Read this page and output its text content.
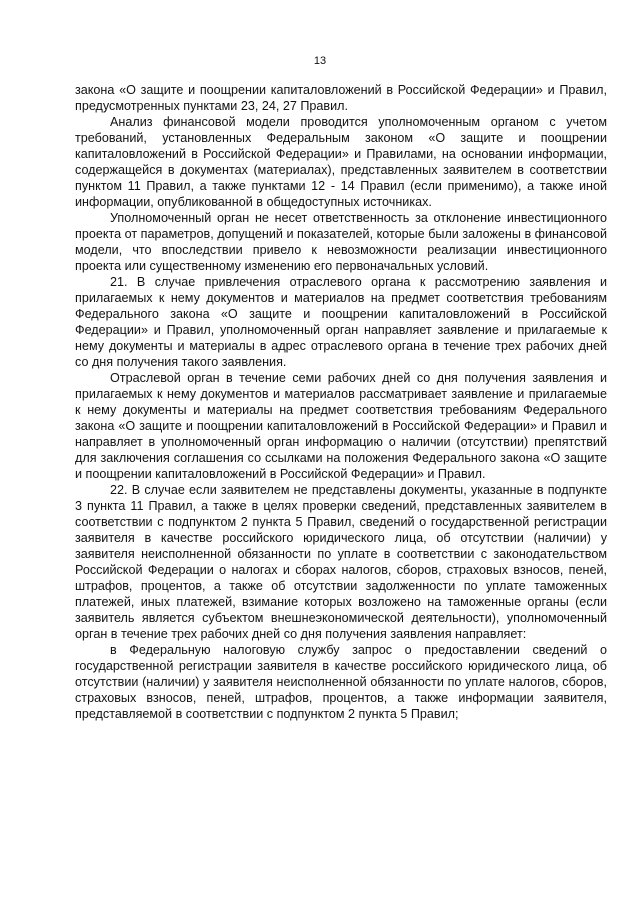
13

закона «О защите и поощрении капиталовложений в Российской Федерации» и Правил, предусмотренных пунктами 23, 24, 27 Правил.

Анализ финансовой модели проводится уполномоченным органом с учетом требований, установленных Федеральным законом «О защите и поощрении капиталовложений в Российской Федерации» и Правилами, на основании информации, содержащейся в документах (материалах), представленных заявителем в соответствии пунктом 11 Правил, а также пунктами 12 - 14 Правил (если применимо), а также иной информации, опубликованной в общедоступных источниках.

Уполномоченный орган не несет ответственность за отклонение инвестиционного проекта от параметров, допущений и показателей, которые были заложены в финансовой модели, что впоследствии привело к невозможности реализации инвестиционного проекта или существенному изменению его первоначальных условий.

21. В случае привлечения отраслевого органа к рассмотрению заявления и прилагаемых к нему документов и материалов на предмет соответствия требованиям Федерального закона «О защите и поощрении капиталовложений в Российской Федерации» и Правил, уполномоченный орган направляет заявление и прилагаемые к нему документы и материалы в адрес отраслевого органа в течение трех рабочих дней со дня получения такого заявления.

Отраслевой орган в течение семи рабочих дней со дня получения заявления и прилагаемых к нему документов и материалов рассматривает заявление и прилагаемые к нему документы и материалы на предмет соответствия требованиям Федерального закона «О защите и поощрении капиталовложений в Российской Федерации» и Правил и направляет в уполномоченный орган информацию о наличии (отсутствии) препятствий для заключения соглашения со ссылками на положения Федерального закона «О защите и поощрении капиталовложений в Российской Федерации» и Правил.

22. В случае если заявителем не представлены документы, указанные в подпункте 3 пункта 11 Правил, а также в целях проверки сведений, представленных заявителем в соответствии с подпунктом 2 пункта 5 Правил, сведений о государственной регистрации заявителя в качестве российского юридического лица, об отсутствии (наличии) у заявителя неисполненной обязанности по уплате в соответствии с законодательством Российской Федерации о налогах и сборах налогов, сборов, страховых взносов, пеней, штрафов, процентов, а также об отсутствии задолженности по уплате таможенных платежей, иных платежей, взимание которых возложено на таможенные органы (если заявитель является субъектом внешнеэкономической деятельности), уполномоченный орган в течение трех рабочих дней со дня получения заявления направляет:

в Федеральную налоговую службу запрос о предоставлении сведений о государственной регистрации заявителя в качестве российского юридического лица, об отсутствии (наличии) у заявителя неисполненной обязанности по уплате налогов, сборов, страховых взносов, пеней, штрафов, процентов, а также информации заявителя, представляемой в соответствии с подпунктом 2 пункта 5 Правил;
